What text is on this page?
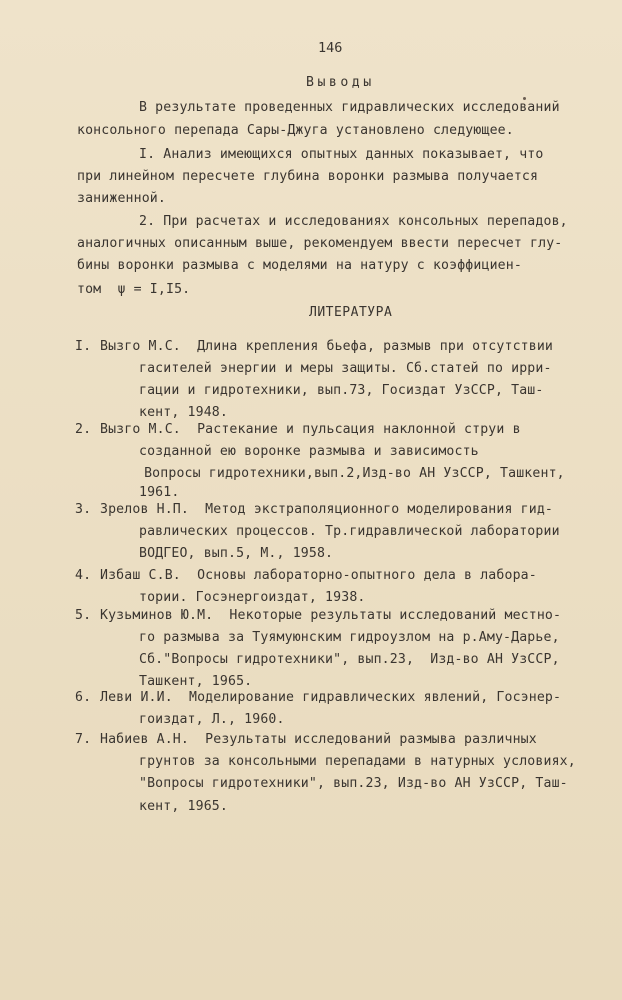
146
Выводы
В результате проведенных гидравлических исследований
консольного перепада Сары-Джуга установлено следующее.
I. Анализ имеющихся опытных данных показывает, что
при линейном пересчете глубина воронки размыва получается
заниженной.
2. При расчетах и исследованиях консольных перепадов,
аналогичных описанным выше, рекомендуем ввести пересчет глу-
бины воронки размыва с моделями на натуру с коэффициен-
том  ψ = I,I5.
ЛИТЕРАТУРА
I. Вызго М.С.  Длина крепления бьефа, размыв при отсутствии
гасителей энергии и меры защиты. Сб.статей по ирри-
гации и гидротехники, вып.73, Госиздат УзССР, Таш-
кент, 1948.
2. Вызго М.С.  Растекание и пульсация наклонной струи в
созданной ею воронке размыва и зависимость
Вопросы гидротехники,вып.2,Изд-во АН УзССР, Ташкент,
1961.
3. Зрелов Н.П.  Метод экстраполяционного моделирования гид-
равлических процессов. Тр.гидравлической лаборатории
ВОДГЕО, вып.5, М., 1958.
4. Избаш С.В.  Основы лабораторно-опытного дела в лабора-
тории. Госэнергоиздат, 1938.
5. Кузьминов Ю.М.  Некоторые результаты исследований местно-
го размыва за Туямуюнским гидроузлом на р.Аму-Дарье,
Сб."Вопросы гидротехники", вып.23,  Изд-во АН УзССР,
Ташкент, 1965.
6. Леви И.И.  Моделирование гидравлических явлений, Госэнер-
гоиздат, Л., 1960.
7. Набиев А.Н.  Результаты исследований размыва различных
грунтов за консольными перепадами в натурных условиях,
"Вопросы гидротехники", вып.23, Изд-во АН УзССР, Таш-
кент, 1965.
